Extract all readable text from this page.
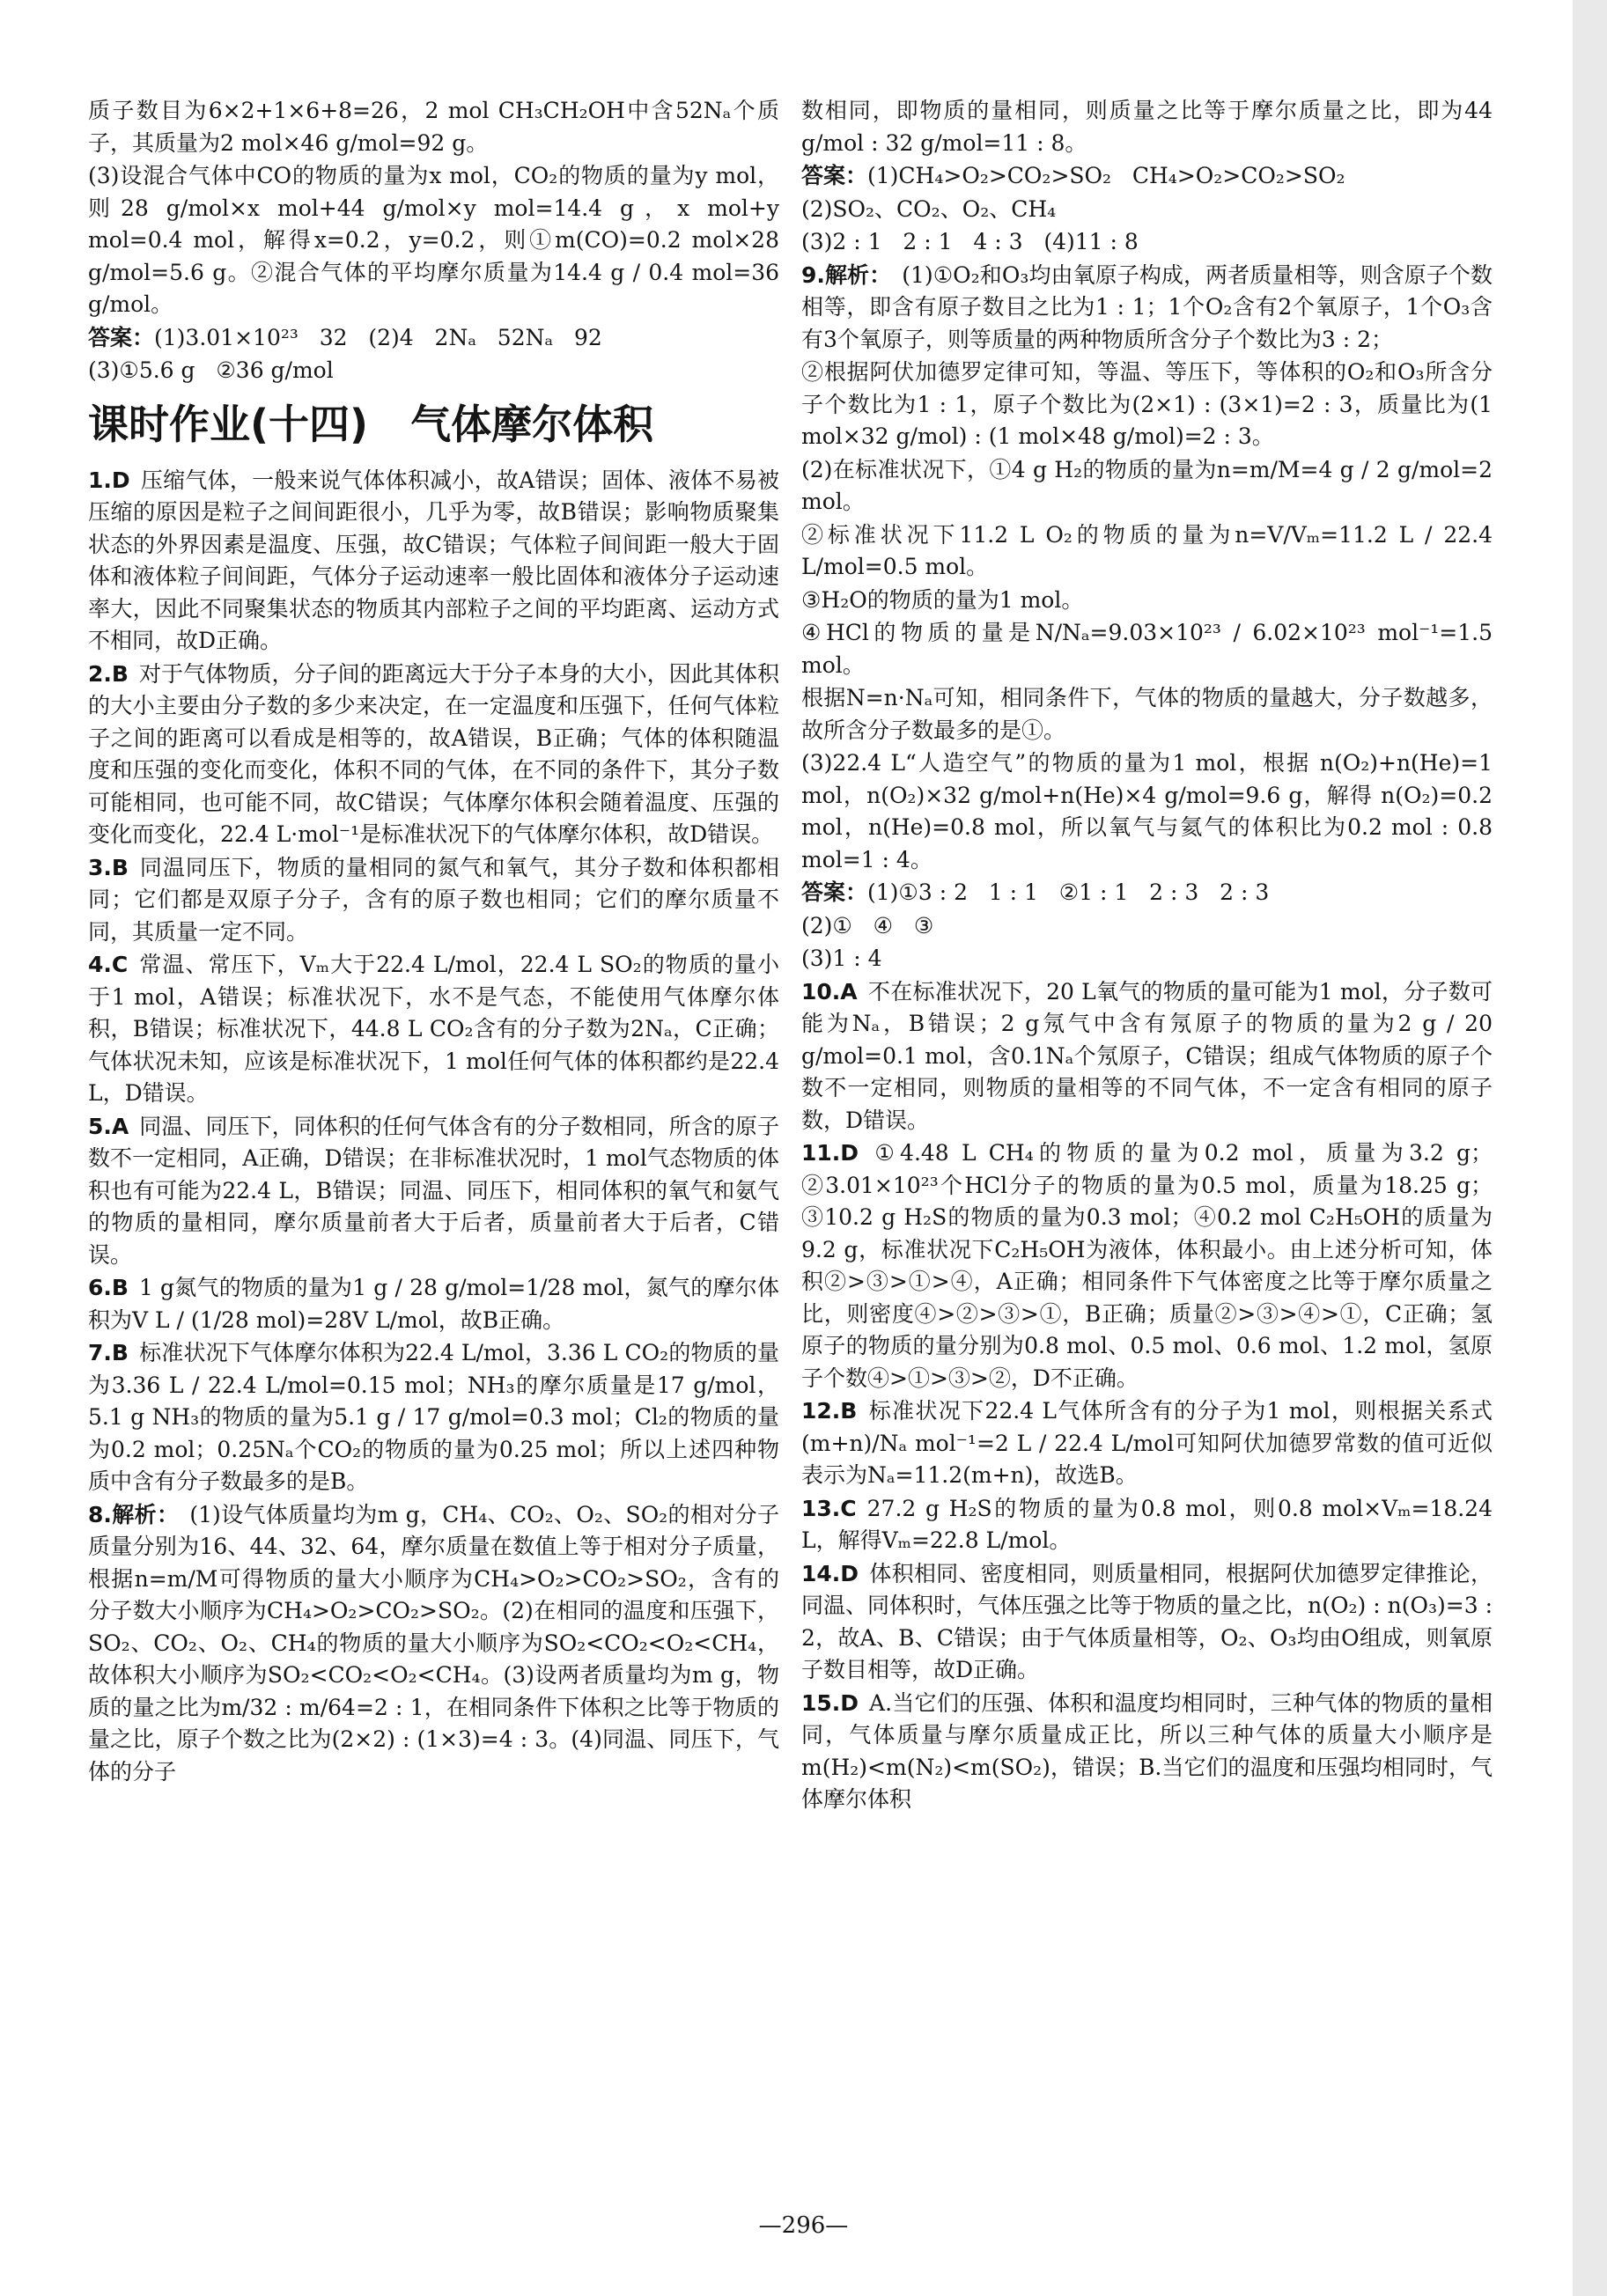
质子数目为6×2+1×6+8=26，2 mol CH₃CH₂OH中含52Nₐ个质子，其质量为2 mol×46 g/mol=92 g。

(3)设混合气体中CO的物质的量为x mol，CO₂的物质的量为y mol，则28 g/mol×x mol+44 g/mol×y mol=14.4 g，x mol+y mol=0.4 mol，解得x=0.2，y=0.2，则①m(CO)=0.2 mol×28 g/mol=5.6 g。②混合气体的平均摩尔质量为14.4 g / 0.4 mol=36 g/mol。

答案：(1)3.01×10²³   32   (2)4   2Nₐ   52Nₐ   92

(3)①5.6 g   ②36 g/mol

课时作业(十四)   气体摩尔体积

1.D 压缩气体，一般来说气体体积减小，故A错误；固体、液体不易被压缩的原因是粒子之间间距很小，几乎为零，故B错误；影响物质聚集状态的外界因素是温度、压强，故C错误；气体粒子间间距一般大于固体和液体粒子间间距，气体分子运动速率一般比固体和液体分子运动速率大，因此不同聚集状态的物质其内部粒子之间的平均距离、运动方式不相同，故D正确。

2.B 对于气体物质，分子间的距离远大于分子本身的大小，因此其体积的大小主要由分子数的多少来决定，在一定温度和压强下，任何气体粒子之间的距离可以看成是相等的，故A错误，B正确；气体的体积随温度和压强的变化而变化，体积不同的气体，在不同的条件下，其分子数可能相同，也可能不同，故C错误；气体摩尔体积会随着温度、压强的变化而变化，22.4 L·mol⁻¹是标准状况下的气体摩尔体积，故D错误。

3.B 同温同压下，物质的量相同的氮气和氧气，其分子数和体积都相同；它们都是双原子分子，含有的原子数也相同；它们的摩尔质量不同，其质量一定不同。

4.C 常温、常压下，Vₘ大于22.4 L/mol，22.4 L SO₂的物质的量小于1 mol，A错误；标准状况下，水不是气态，不能使用气体摩尔体积，B错误；标准状况下，44.8 L CO₂含有的分子数为2Nₐ，C正确；气体状况未知，应该是标准状况下，1 mol任何气体的体积都约是22.4 L，D错误。

5.A 同温、同压下，同体积的任何气体含有的分子数相同，所含的原子数不一定相同，A正确，D错误；在非标准状况时，1 mol气态物质的体积也有可能为22.4 L，B错误；同温、同压下，相同体积的氧气和氨气的物质的量相同，摩尔质量前者大于后者，质量前者大于后者，C错误。

6.B 1 g氮气的物质的量为1 g / 28 g/mol=1/28 mol，氮气的摩尔体积为V L / (1/28 mol)=28V L/mol，故B正确。

7.B 标准状况下气体摩尔体积为22.4 L/mol，3.36 L CO₂的物质的量为3.36 L / 22.4 L/mol=0.15 mol；NH₃的摩尔质量是17 g/mol，5.1 g NH₃的物质的量为5.1 g / 17 g/mol=0.3 mol；Cl₂的物质的量为0.2 mol；0.25Nₐ个CO₂的物质的量为0.25 mol；所以上述四种物质中含有分子数最多的是B。

8.解析： (1)设气体质量均为m g，CH₄、CO₂、O₂、SO₂的相对分子质量分别为16、44、32、64，摩尔质量在数值上等于相对分子质量，根据n=m/M可得物质的量大小顺序为CH₄>O₂>CO₂>SO₂，含有的分子数大小顺序为CH₄>O₂>CO₂>SO₂。(2)在相同的温度和压强下，SO₂、CO₂、O₂、CH₄的物质的量大小顺序为SO₂<CO₂<O₂<CH₄，故体积大小顺序为SO₂<CO₂<O₂<CH₄。(3)设两者质量均为m g，物质的量之比为m/32 : m/64=2 : 1，在相同条件下体积之比等于物质的量之比，原子个数之比为(2×2) : (1×3)=4 : 3。(4)同温、同压下，气体的分子

数相同，即物质的量相同，则质量之比等于摩尔质量之比，即为44 g/mol : 32 g/mol=11 : 8。

答案：(1)CH₄>O₂>CO₂>SO₂   CH₄>O₂>CO₂>SO₂

(2)SO₂、CO₂、O₂、CH₄

(3)2 : 1   2 : 1   4 : 3   (4)11 : 8

9.解析： (1)①O₂和O₃均由氧原子构成，两者质量相等，则含原子个数相等，即含有原子数目之比为1 : 1；1个O₂含有2个氧原子，1个O₃含有3个氧原子，则等质量的两种物质所含分子个数比为3 : 2；

②根据阿伏加德罗定律可知，等温、等压下，等体积的O₂和O₃所含分子个数比为1 : 1，原子个数比为(2×1) : (3×1)=2 : 3，质量比为(1 mol×32 g/mol) : (1 mol×48 g/mol)=2 : 3。

(2)在标准状况下，①4 g H₂的物质的量为n=m/M=4 g / 2 g/mol=2 mol。

②标准状况下11.2 L O₂的物质的量为n=V/Vₘ=11.2 L / 22.4 L/mol=0.5 mol。

③H₂O的物质的量为1 mol。

④HCl的物质的量是N/Nₐ=9.03×10²³ / 6.02×10²³ mol⁻¹=1.5 mol。

根据N=n·Nₐ可知，相同条件下，气体的物质的量越大，分子数越多，故所含分子数最多的是①。

(3)22.4 L“人造空气”的物质的量为1 mol，根据 n(O₂)+n(He)=1 mol，n(O₂)×32 g/mol+n(He)×4 g/mol=9.6 g，解得 n(O₂)=0.2 mol，n(He)=0.8 mol，所以氧气与氦气的体积比为0.2 mol : 0.8 mol=1 : 4。

答案：(1)①3 : 2   1 : 1   ②1 : 1   2 : 3   2 : 3

(2)①   ④   ③

(3)1 : 4

10.A 不在标准状况下，20 L氧气的物质的量可能为1 mol，分子数可能为Nₐ，B错误；2 g氖气中含有氖原子的物质的量为2 g / 20 g/mol=0.1 mol，含0.1Nₐ个氖原子，C错误；组成气体物质的原子个数不一定相同，则物质的量相等的不同气体，不一定含有相同的原子数，D错误。

11.D ①4.48 L CH₄的物质的量为0.2 mol，质量为3.2 g；②3.01×10²³个HCl分子的物质的量为0.5 mol，质量为18.25 g；③10.2 g H₂S的物质的量为0.3 mol；④0.2 mol C₂H₅OH的质量为9.2 g，标准状况下C₂H₅OH为液体，体积最小。由上述分析可知，体积②>③>①>④，A正确；相同条件下气体密度之比等于摩尔质量之比，则密度④>②>③>①，B正确；质量②>③>④>①，C正确；氢原子的物质的量分别为0.8 mol、0.5 mol、0.6 mol、1.2 mol，氢原子个数④>①>③>②，D不正确。

12.B 标准状况下22.4 L气体所含有的分子为1 mol，则根据关系式(m+n)/Nₐ mol⁻¹=2 L / 22.4 L/mol可知阿伏加德罗常数的值可近似表示为Nₐ=11.2(m+n)，故选B。

13.C 27.2 g H₂S的物质的量为0.8 mol，则0.8 mol×Vₘ=18.24 L，解得Vₘ=22.8 L/mol。

14.D 体积相同、密度相同，则质量相同，根据阿伏加德罗定律推论，同温、同体积时，气体压强之比等于物质的量之比，n(O₂) : n(O₃)=3 : 2，故A、B、C错误；由于气体质量相等，O₂、O₃均由O组成，则氧原子数目相等，故D正确。

15.D A.当它们的压强、体积和温度均相同时，三种气体的物质的量相同，气体质量与摩尔质量成正比，所以三种气体的质量大小顺序是m(H₂)<m(N₂)<m(SO₂)，错误；B.当它们的温度和压强均相同时，气体摩尔体积

—296—
